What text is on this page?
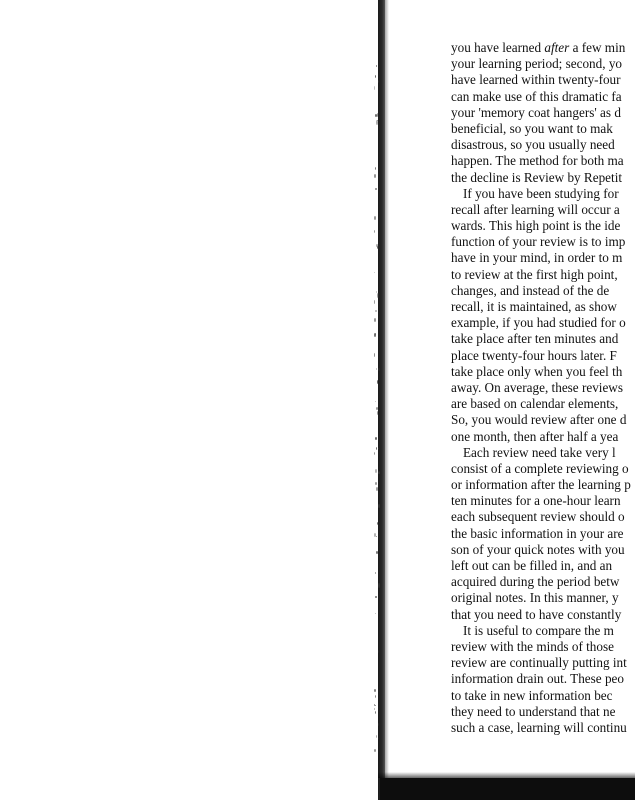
you have learned after a few min
your learning period; second, yo
have learned within twenty-four
can make use of this dramatic fa
your 'memory coat hangers' as d
beneficial, so you want to mak
disastrous, so you usually need
happen. The method for both ma
the decline is Review by Repetit
If you have been studying for
recall after learning will occur a
wards. This high point is the ide
function of your review is to imp
have in your mind, in order to m
to review at the first high point,
changes, and instead of the de
recall, it is maintained, as show
example, if you had studied for o
take place after ten minutes and
place twenty-four hours later. F
take place only when you feel th
away. On average, these reviews
are based on calendar elements,
So, you would review after one d
one month, then after half a yea
Each review need take very l
consist of a complete reviewing o
or information after the learning p
ten minutes for a one-hour learn
each subsequent review should o
the basic information in your are
son of your quick notes with you
left out can be filled in, and an
acquired during the period betw
original notes. In this manner, y
that you need to have constantly
It is useful to compare the m
review with the minds of those
review are continually putting int
information drain out. These peo
to take in new information bec
they need to understand that ne
such a case, learning will continu
